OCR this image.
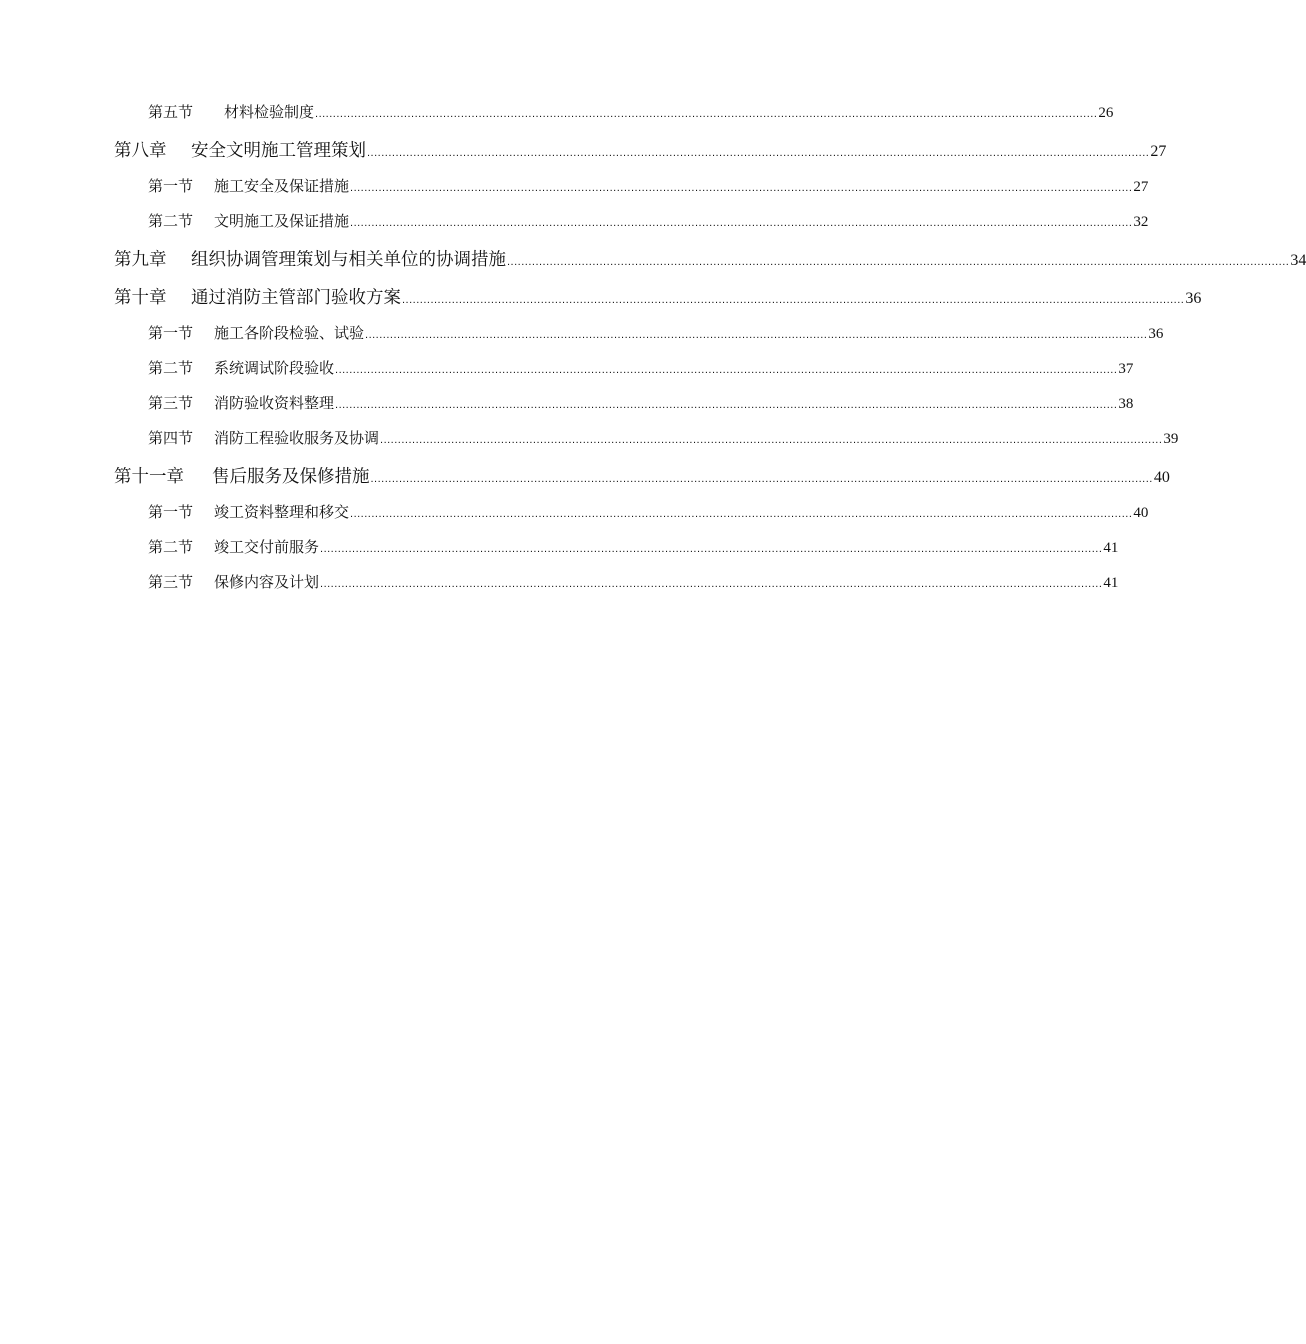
第五节	材料检验制度 ............................................................................................................................................................................................................................ 26
第八章	安全文明施工管理策划 ............................................................................................................................................................................................................................ 27
第一节	施工安全及保证措施 ............................................................................................................................................................................................................................ 27
第二节	文明施工及保证措施 ............................................................................................................................................................................................................................ 32
第九章	组织协调管理策划与相关单位的协调措施 ............................................................................................................................................................................................................................ 34
第十章	通过消防主管部门验收方案 ............................................................................................................................................................................................................................ 36
第一节	施工各阶段检验、试验 ............................................................................................................................................................................................................................ 36
第二节	系统调试阶段验收 ............................................................................................................................................................................................................................ 37
第三节	消防验收资料整理 ............................................................................................................................................................................................................................ 38
第四节	消防工程验收服务及协调 ............................................................................................................................................................................................................................ 39
第十一章	售后服务及保修措施 ............................................................................................................................................................................................................................ 40
第一节	竣工资料整理和移交 ............................................................................................................................................................................................................................ 40
第二节	竣工交付前服务 ............................................................................................................................................................................................................................ 41
第三节	保修内容及计划 ............................................................................................................................................................................................................................ 41
